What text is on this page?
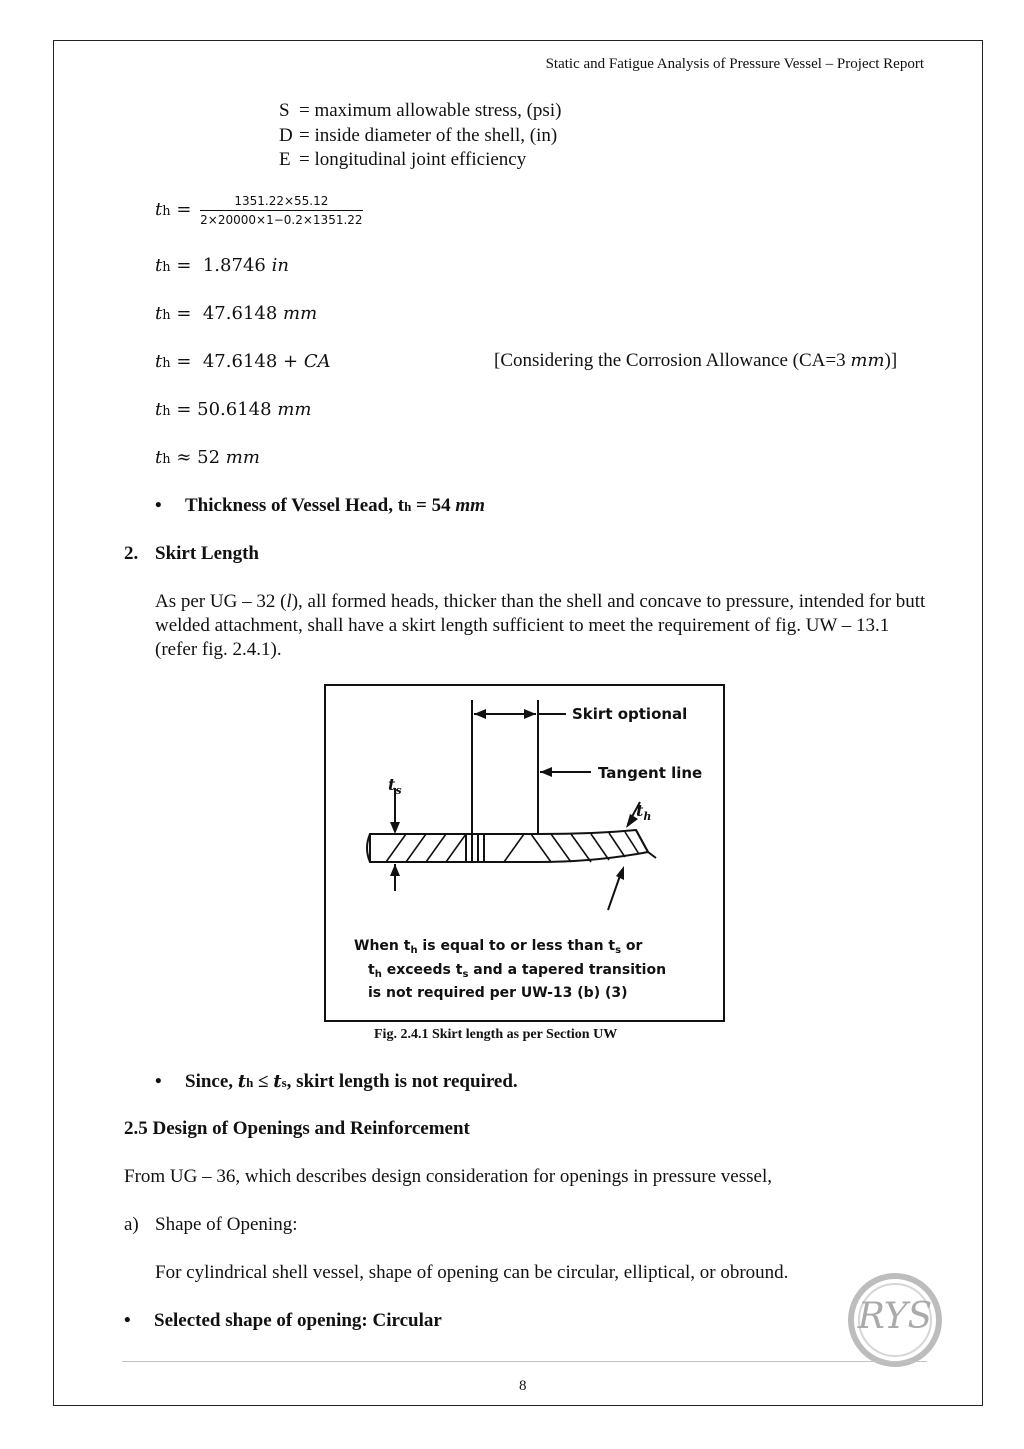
Static and Fatigue Analysis of Pressure Vessel – Project Report
S = maximum allowable stress, (psi)
D = inside diameter of the shell, (in)
E = longitudinal joint efficiency
th = $\frac{1351.22\times 55.12}{2\times 20000\times 1-0.2\times 1351.22}$
th =  1.8746 in
th =  47.6148 mm
th =  47.6148 + CA	[Considering the Corrosion Allowance (CA=3 mm)]
th = 50.6148 mm
th ≈ 52 mm
• Thickness of Vessel Head, th = 54 mm
2. Skirt Length
As per UG – 32 (l), all formed heads, thicker than the shell and concave to pressure, intended for butt welded attachment, shall have a skirt length sufficient to meet the requirement of fig. UW – 13.1 (refer fig. 2.4.1).
Skirt optional
Tangent line
$t_s$
$t_h$
When $t_h$ is equal to or less than $t_s$ or
$t_h$ exceeds $t_s$ and a tapered transition
is not required per UW-13 (b) (3)
Fig. 2.4.1 Skirt length as per Section UW
• Since, th ≤ ts, skirt length is not required.
2.5 Design of Openings and Reinforcement
From UG – 36, which describes design consideration for openings in pressure vessel,
a) Shape of Opening:
For cylindrical shell vessel, shape of opening can be circular, elliptical, or obround.
• Selected shape of opening: Circular	RYS
8
